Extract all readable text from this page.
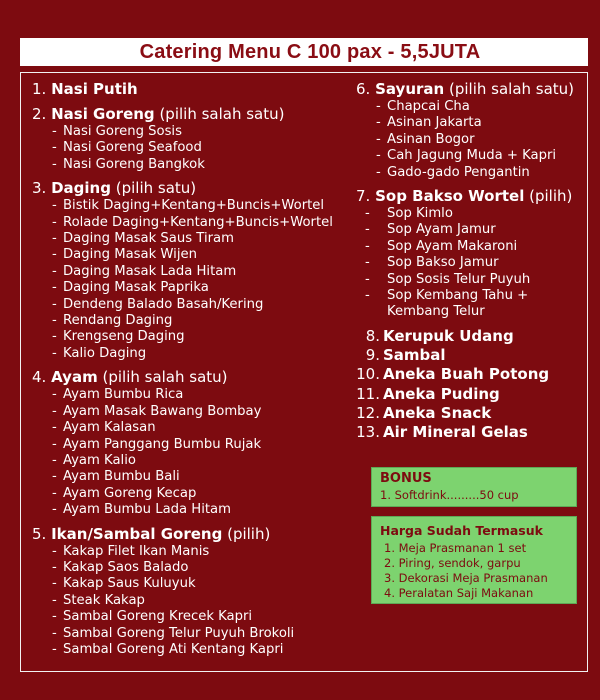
Catering Menu C 100 pax - 5,5JUTA
1. Nasi Putih
2. Nasi Goreng (pilih salah satu)
-Nasi Goreng Sosis
-Nasi Goreng Seafood
-Nasi Goreng Bangkok
3. Daging (pilih satu)
-Bistik Daging+Kentang+Buncis+Wortel
-Rolade Daging+Kentang+Buncis+Wortel
-Daging Masak Saus Tiram
-Daging Masak Wijen
-Daging Masak Lada Hitam
-Daging Masak Paprika
-Dendeng Balado Basah/Kering
-Rendang Daging
-Krengseng Daging
-Kalio Daging
4. Ayam (pilih salah satu)
-Ayam Bumbu Rica
-Ayam Masak Bawang Bombay
-Ayam Kalasan
-Ayam Panggang Bumbu Rujak
-Ayam Kalio
-Ayam Bumbu Bali
-Ayam Goreng Kecap
-Ayam Bumbu Lada Hitam
5. Ikan/Sambal Goreng (pilih)
-Kakap Filet Ikan Manis
-Kakap Saos Balado
-Kakap Saus Kuluyuk
-Steak Kakap
-Sambal Goreng Krecek Kapri
-Sambal Goreng Telur Puyuh Brokoli
-Sambal Goreng Ati Kentang Kapri
6. Sayuran (pilih salah satu)
-Chapcai Cha
-Asinan Jakarta
-Asinan Bogor
-Cah Jagung Muda + Kapri
-Gado-gado Pengantin
7. Sop Bakso Wortel (pilih)
-Sop Kimlo
-Sop Ayam Jamur
-Sop Ayam Makaroni
-Sop Bakso Jamur
-Sop Sosis Telur Puyuh
-Sop Kembang Tahu + Kembang Telur
8. Kerupuk Udang
9. Sambal
10. Aneka Buah Potong
11. Aneka Puding
12. Aneka Snack
13. Air Mineral Gelas
BONUS
1. Softdrink.........50 cup
Harga Sudah Termasuk
1. Meja Prasmanan 1 set
2. Piring, sendok, garpu
3. Dekorasi Meja Prasmanan
4. Peralatan Saji Makanan
